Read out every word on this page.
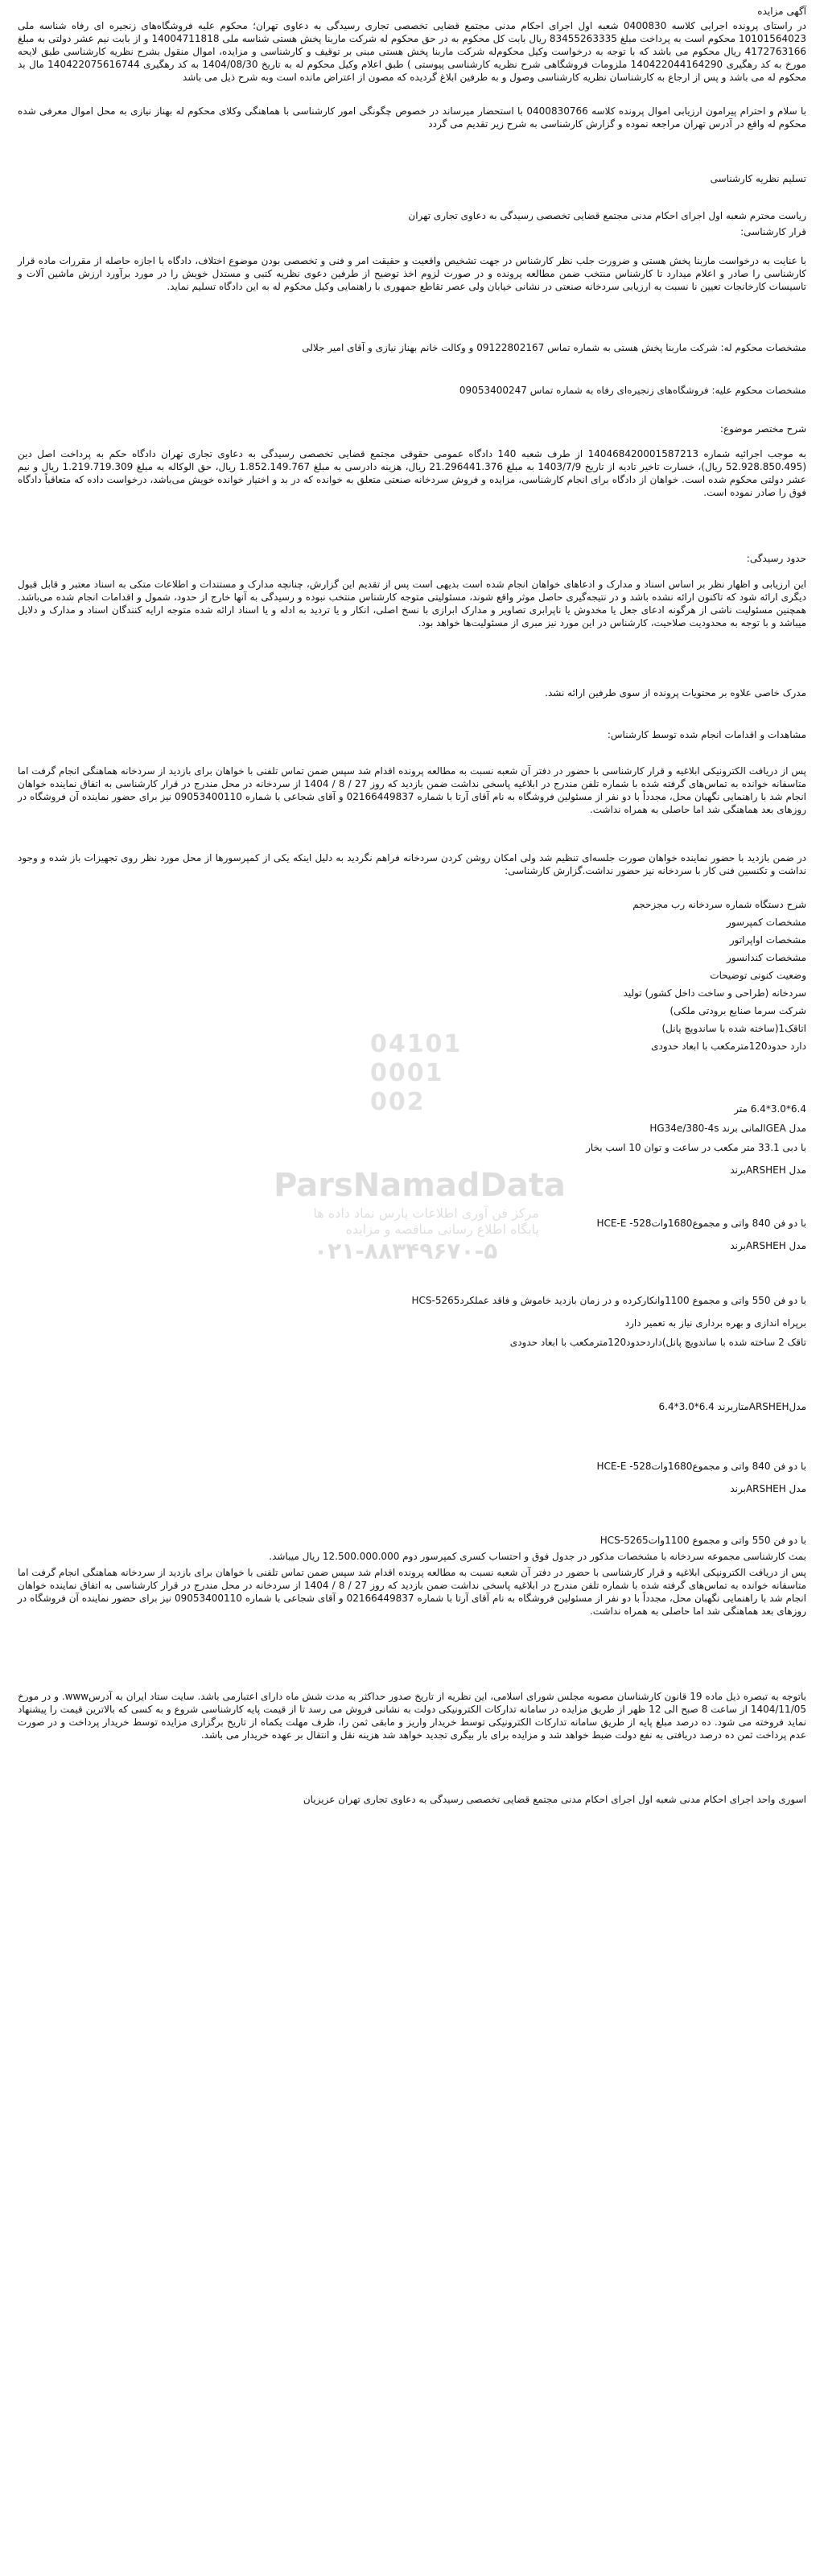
آگهی مزایده
در راستای پرونده اجرایی کلاسه 0400830 شعبه اول اجرای احکام مدنی مجتمع قضایی تخصصی تجاری رسیدگی به دعاوی تهران؛ محکوم علیه فروشگاه‌های زنجیره ای رفاه شناسه ملی 10101564023 محکوم است به پرداخت مبلغ 83455263335 ریال بابت کل محکوم به در حق محکوم له شرکت ماربنا پخش هستی شناسه ملی 14004711818 و از بابت نیم عشر دولتی به مبلغ 4172763166 ریال محکوم می باشد که با توجه به درخواست وکیل محکوم‌له شرکت ماربنا پخش هستی مبنی بر توقیف و کارشناسی و مزایده، اموال منقول بشرح نظریه کارشناسی طبق لایحه مورخ به کد رهگیری 140422044164290 ملزومات فروشگاهی شرح نظریه کارشناسی پیوستی ) طبق اعلام وکیل محکوم له به تاریخ 1404/08/30 به کد رهگیری 140422075616744 مال بد محکوم له می باشد و پس از ارجاع به کارشناسان نظریه کارشناسی وصول و به طرفین ابلاغ گردیده که مصون از اعتراض مانده است وبه شرح ذیل می باشد
با سلام و احترام پیرامون ارزیابی اموال پرونده کلاسه 0400830766 با استحضار میرساند در خصوص چگونگی امور کارشناسی با هماهنگی وکلای محکوم له بهناز نیازی به محل اموال معرفی شده محکوم له واقع در آدرس تهران مراجعه نموده و گزارش کارشناسی به شرح زیر تقدیم می گردد
تسلیم نظریه کارشناسی
ریاست محترم شعبه اول اجرای احکام مدنی مجتمع قضایی تخصصی رسیدگی به دعاوی تجاری تهران
قرار کارشناسی:
با عنایت به درخواست ماربنا پخش هستی و ضرورت جلب نظر کارشناس در جهت تشخیص واقعیت و حقیقت امر و فنی و تخصصی بودن موضوع اختلاف، دادگاه با اجازه حاصله از مقررات ماده قرار کارشناسی را صادر و اعلام میدارد تا کارشناس منتخب ضمن مطالعه پرونده و در صورت لزوم اخذ توضیح از طرفین دعوی نظریه کتبی و مستدل خویش را در مورد برآورد ارزش ماشین آلات و تاسیسات کارخانجات تعیین نا نسبت به ارزیابی سردخانه صنعتی در نشانی خیابان ولی عصر تقاطع جمهوری با راهنمایی وکیل محکوم له به این دادگاه تسلیم نماید.
مشخصات محکوم له: شرکت ماربنا پخش هستی به شماره تماس 09122802167 و وکالت خانم بهناز نیازی و آقای امیر جلالی
مشخصات محکوم علیه: فروشگاه‌های زنجیره‌ای رفاه به شماره تماس 09053400247
شرح مختصر موضوع:
به موجب اجرائیه شماره 140468420001587213 از طرف شعبه 140 دادگاه عمومی حقوقی مجتمع قضایی تخصصی رسیدگی به دعاوی تجاری تهران دادگاه حکم به پرداخت اصل دین (52.928.850.495 ریال)، خسارت تاخیر تادیه از تاریخ 1403/7/9 به مبلغ 21.296441.376 ریال، هزینه دادرسی به مبلغ 1.852.149.767 ریال، حق الوکاله به مبلغ 1.219.719.309 ریال و نیم عشر دولتی محکوم شده است. خواهان از دادگاه برای انجام کارشناسی، مزایده و فروش سردخانه صنعتی متعلق به خوانده که در بد و اختیار خوانده خویش می‌باشد، درخواست داده که متعاقباً دادگاه فوق را صادر نموده است.
حدود رسیدگی:
این ارزیابی و اظهار نظر بر اساس اسناد و مدارک و ادعاهای خواهان انجام شده است بدیهی است پس از تقدیم این گزارش، چنانچه مدارک و مستندات و اطلاعات متکی به اسناد معتبر و قابل قبول دیگری ارائه شود که تاکنون ارائه نشده باشد و در نتیجه‌گیری حاصل موثر واقع شوند، مسئولیتی متوجه کارشناس منتخب نبوده و رسیدگی به آنها خارج از حدود، شمول و اقدامات انجام شده می‌باشد. همچنین مسئولیت ناشی از هرگونه ادعای جعل یا مخدوش یا ناپرابری تصاویر و مدارک ابرازی با نسخ اصلی، انکار و یا تردید به ادله و یا اسناد ارائه شده متوجه ارایه کنندگان اسناد و مدارک و دلایل میباشد و با توجه به محدودیت صلاحیت، کارشناس در این مورد نیز مبری از مسئولیت‌ها خواهد بود.
مدرک خاصی علاوه بر محتویات پرونده از سوی طرفین ارائه نشد.
مشاهدات و اقدامات انجام شده توسط کارشناس:
پس از دریافت الکترونیکی ابلاغیه و قرار کارشناسی با حضور در دفتر آن شعبه نسبت به مطالعه پرونده اقدام شد سپس ضمن تماس تلفنی با خواهان برای بازدید از سردخانه هماهنگی انجام گرفت اما متاسفانه خوانده به تماس‌های گرفته شده با شماره تلفن مندرج در ابلاغیه پاسخی نداشت ضمن بازدید که روز 27 / 8 / 1404 از سردخانه در محل مندرج در قرار کارشناسی به اتفاق نماینده خواهان انجام شد با راهنمایی نگهبان محل، مجدداً با دو نفر از مسئولین فروشگاه به نام آقای آرتا با شماره 02166449837 و آقای شجاعی با شماره 09053400110 نیز برای حضور نماینده آن فروشگاه در روزهای بعد هماهنگی شد اما حاصلی به همراه نداشت.
در ضمن بازدید با حضور نماینده خواهان صورت جلسه‌ای تنظیم شد ولی امکان روشن کردن سردخانه فراهم نگردید به دلیل اینکه یکی از کمپرسورها از محل مورد نظر روی تجهیزات باز شده و وجود نداشت و تکنسین فنی کار با سردخانه نیز حضور نداشت.گزارش کارشناسی:
شرح دستگاه شماره سردخانه رب مجزحجم
مشخصات کمپرسور
مشخصات اواپراتور
مشخصات کندانسور
وضعیت کنونی توضیحات
سردخانه (طراحی و ساخت داخل کشور) تولید
شرکت سرما صنایع برودتی ملکی)
اتاقک1(ساخته شده با ساندویچ پانل)
دارد حدود120مترمکعب با ابعاد حدودی
6.4*3.0*6.4 متر
مدل GEAالمانی برند HG34e/380-4s
با دبی 33.1 متر مکعب در ساعت و توان 10 اسب بخار
مدل ARSHEHبرند
با دو فن 840 واتی و مجموع1680وات528- HCE-E
مدل ARSHEHبرند
با دو فن 550 واتی و مجموع 1100وانکارکرده و در زمان بازدید خاموش و فاقد عملکردHCS-5265
برپراه اندازی و بهره برداری نیاز به تعمیر دارد
تاقک 2 ساخته شده با ساندویچ پانل)داردحدود120مترمکعب با ابعاد حدودی
مدلARSHEHمتاربرند 6.4*3.0*6.4
با دو فن 840 واتی و مجموع1680وات528- HCE-E
مدل ARSHEHبرند
با دو فن 550 واتی و مجموع 1100واتHCS-5265
بمث کارشناسی مجموعه سردخانه با مشخصات مذکور در جدول فوق و احتساب کسری کمپرسور دوم 12.500.000.000 ریال میباشد.
پس از دریافت الکترونیکی ابلاغیه و قرار کارشناسی با حضور در دفتر آن شعبه نسبت به مطالعه پرونده اقدام شد سپس ضمن تماس تلفنی با خواهان برای بازدید از سردخانه هماهنگی انجام گرفت اما متاسفانه خوانده به تماس‌های گرفته شده با شماره تلفن مندرج در ابلاغیه پاسخی نداشت ضمن بازدید که روز 27 / 8 / 1404 از سردخانه در محل مندرج در قرار کارشناسی به اتفاق نماینده خواهان انجام شد با راهنمایی نگهبان محل، مجدداً با دو نفر از مسئولین فروشگاه به نام آقای آرتا با شماره 02166449837 و آقای شجاعی با شماره 09053400110 نیز برای حضور نماینده آن فروشگاه در روزهای بعد هماهنگی شد اما حاصلی به همراه نداشت.
باتوجه به تبصره ذیل ماده 19 قانون کارشناسان مصوبه مجلس شورای اسلامی، این نظریه از تاریخ صدور حداکثر به مدت شش ماه دارای اعتبارمی باشد. سایت ستاد ایران به آدرسwww. و در مورخ 1404/11/05 از ساعت 8 صبح الی 12 ظهر از طریق مزایده در سامانه تدارکات الکترونیکی دولت به نشانی فروش می رسد تا از قیمت پایه کارشناسی شروع و به کسی که بالاترین قیمت را پیشنهاد نماید فروخته می شود. ده درصد مبلغ پایه از طریق سامانه تدارکات الکترونیکی توسط خریدار واریز و مابقی ثمن را، ظرف مهلت یکماه از تاریخ برگزاری مزایده توسط خریدار پرداخت و در صورت عدم پرداخت ثمن ده درصد دریافتی به نفع دولت ضبط خواهد شد و مزایده برای بار بیگری تجدید خواهد شد هزینه نقل و انتقال بر عهده خریدار می باشد.
اسوری واحد اجرای احکام مدنی شعبه اول اجرای احکام مدنی مجتمع قضایی تخصصی رسیدگی به دعاوی تجاری تهران عزیزیان
04101
0001
002
ParsNamadData
مرکز فن آوری اطلاعات پارس نماد داده ها
پایگاه اطلاع رسانی مناقصه و مزایده
۰۲۱-۸۸۳۴۹۶۷۰-۵
